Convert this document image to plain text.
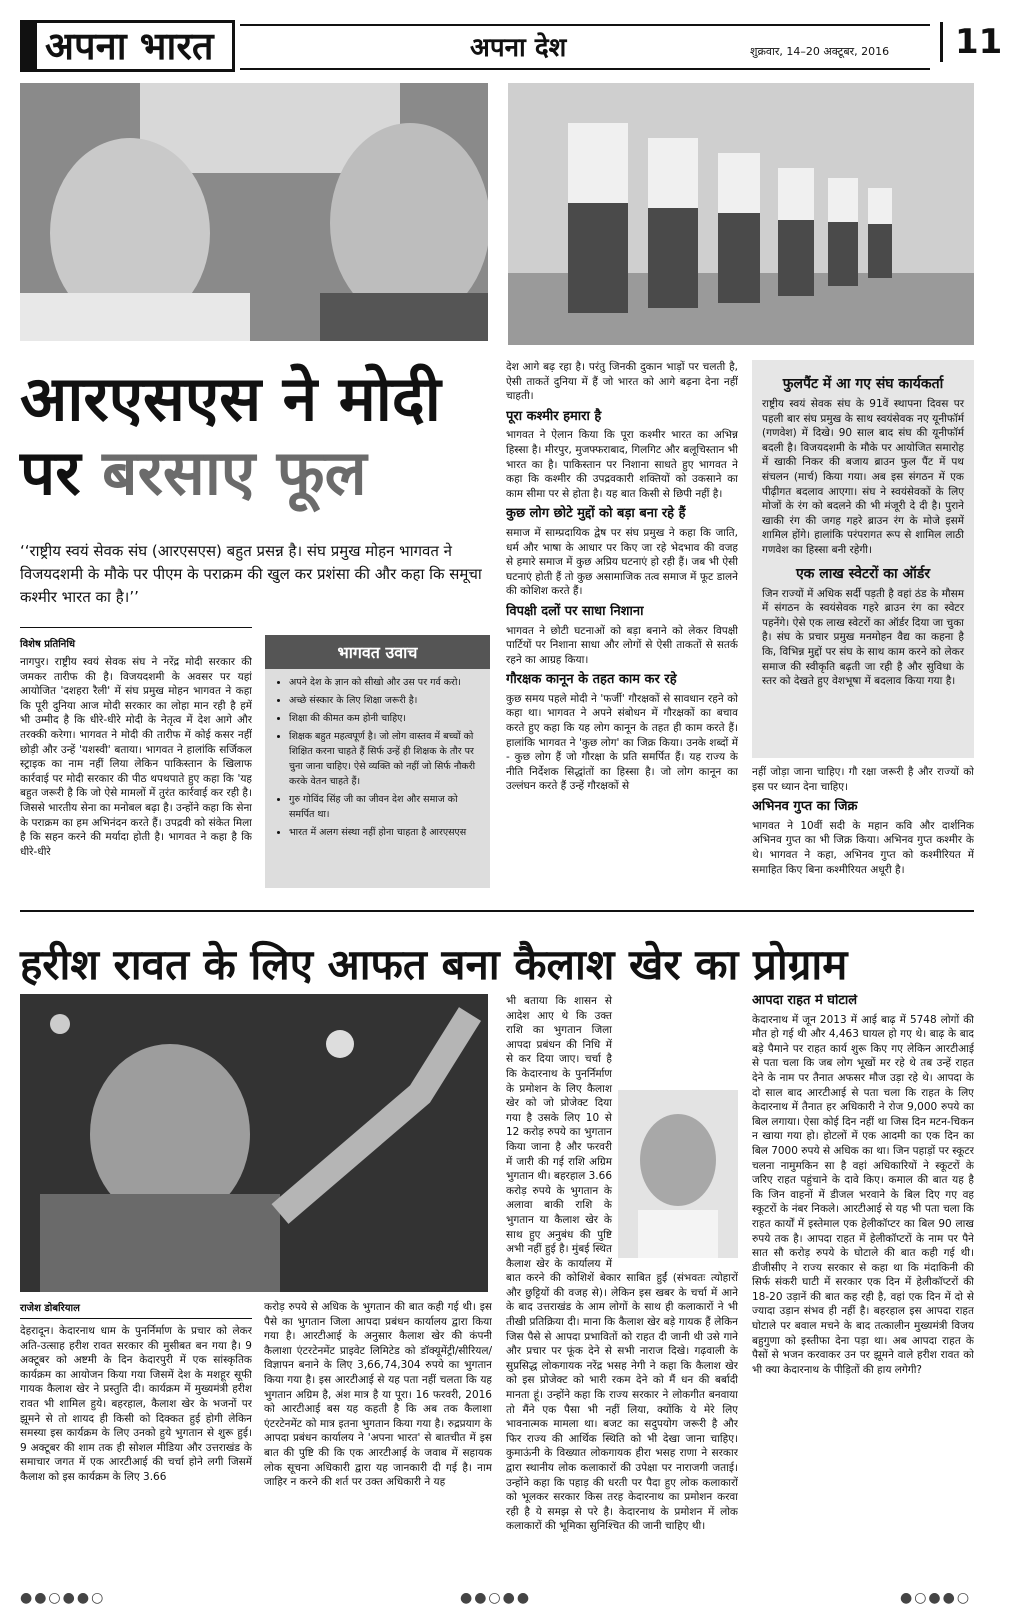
अपना भारत	अपना देश	शुक्रवार, 14–20 अक्टूबर, 2016	11
आरएसएस ने मोदी
पर बरसाए फूल
‘‘राष्ट्रीय स्वयं सेवक संघ (आरएसएस) बहुत प्रसन्न है। संघ प्रमुख मोहन भागवत ने विजयदशमी के मौके पर पीएम के पराक्रम की खुल कर प्रशंसा की और कहा कि समूचा कश्मीर भारत का है।’’
विशेष प्रतिनिधि
नागपुर। राष्ट्रीय स्वयं सेवक संघ ने नरेंद्र मोदी सरकार की जमकर तारीफ की है। विजयदशमी के अवसर पर यहां आयोजित 'दशहरा रैली' में संघ प्रमुख मोहन भागवत ने कहा कि पूरी दुनिया आज मोदी सरकार का लोहा मान रही है हमें भी उम्मीद है कि धीरे-धीरे मोदी के नेतृत्व में देश आगे और तरक्की करेगा। भागवत ने मोदी की तारीफ में कोई कसर नहीं छोड़ी और उन्हें 'यशस्वी' बताया। भागवत ने हालांकि सर्जिकल स्ट्राइक का नाम नहीं लिया लेकिन पाकिस्तान के खिलाफ कार्रवाई पर मोदी सरकार की पीठ थपथपाते हुए कहा कि 'यह बहुत जरूरी है कि जो ऐसे मामलों में तुरंत कार्रवाई कर रही है। जिससे भारतीय सेना का मनोबल बढ़ा है। उन्होंने कहा कि सेना के पराक्रम का हम अभिनंदन करते हैं। उपद्रवी को संकेत मिला है कि सहन करने की मर्यादा होती है। भागवत ने कहा है कि धीरे-धीरे
भागवत उवाच
• अपने देश के ज्ञान को सीखो और उस पर गर्व करो।
• अच्छे संस्कार के लिए शिक्षा जरूरी है।
• शिक्षा की कीमत कम होनी चाहिए।
• शिक्षक बहुत महत्वपूर्ण है। जो लोग वास्तव में बच्चों को शिक्षित करना चाहते हैं सिर्फ उन्हें ही शिक्षक के तौर पर चुना जाना चाहिए। ऐसे व्यक्ति को नहीं जो सिर्फ नौकरी करके वेतन चाहते हैं।
• गुरु गोविंद सिंह जी का जीवन देश और समाज को समर्पित था।
• भारत में अलग संस्था नहीं होना चाहता है आरएसएस
देश आगे बढ़ रहा है। परंतु जिनकी दुकान भाड़ों पर चलती है, ऐसी ताकतें दुनिया में हैं जो भारत को आगे बढ़ना देना नहीं चाहती।
पूरा कश्मीर हमारा है
भागवत ने ऐलान किया कि पूरा कश्मीर भारत का अभिन्न हिस्सा है। मीरपुर, मुजफ्फराबाद, गिलगिट और बलूचिस्तान भी भारत का है। पाकिस्तान पर निशाना साधते हुए भागवत ने कहा कि कश्मीर की उपद्रवकारी शक्तियों को उकसाने का काम सीमा पर से होता है। यह बात किसी से छिपी नहीं है।
कुछ लोग छोटे मुद्दों को बड़ा बना रहे हैं
समाज में साम्प्रदायिक द्वेष पर संघ प्रमुख ने कहा कि जाति, धर्म और भाषा के आधार पर किए जा रहे भेदभाव की वजह से हमारे समाज में कुछ अप्रिय घटनाएं हो रही हैं। जब भी ऐसी घटनाएं होती हैं तो कुछ असामाजिक तत्व समाज में फूट डालने की कोशिश करते हैं।
विपक्षी दलों पर साधा निशाना
भागवत ने छोटी घटनाओं को बड़ा बनाने को लेकर विपक्षी पार्टियों पर निशाना साधा और लोगों से ऐसी ताकतों से सतर्क रहने का आग्रह किया।
गौरक्षक कानून के तहत काम कर रहे
कुछ समय पहले मोदी ने 'फर्जी' गौरक्षकों से सावधान रहने को कहा था। भागवत ने अपने संबोधन में गौरक्षकों का बचाव करते हुए कहा कि यह लोग कानून के तहत ही काम करते हैं। हालांकि भागवत ने 'कुछ लोग' का जिक्र किया। उनके शब्दों में - कुछ लोग हैं जो गौरक्षा के प्रति समर्पित हैं। यह राज्य के नीति निर्देशक सिद्धांतों का हिस्सा है। जो लोग कानून का उल्लंघन करते हैं उन्हें गौरक्षकों से
फुलपैंट में आ गए संघ कार्यकर्ता
राष्ट्रीय स्वयं सेवक संघ के 91वें स्थापना दिवस पर पहली बार संघ प्रमुख के साथ स्वयंसेवक नए यूनीफॉर्म (गणवेश) में दिखे। 90 साल बाद संघ की यूनीफॉर्म बदली है। विजयदशमी के मौके पर आयोजित समारोह में खाकी निकर की बजाय ब्राउन फुल पैंट में पथ संचलन (मार्च) किया गया। अब इस संगठन में एक पीढ़ीगत बदलाव आएगा। संघ ने स्वयंसेवकों के लिए मोजों के रंग को बदलने की भी मंजूरी दे दी है। पुराने खाकी रंग की जगह गहरे ब्राउन रंग के मोजे इसमें शामिल होंगे। हालांकि परंपरागत रूप से शामिल लाठी गणवेश का हिस्सा बनी रहेगी।
एक लाख स्वेटरों का ऑर्डर
जिन राज्यों में अधिक सर्दी पड़ती है वहां ठंड के मौसम में संगठन के स्वयंसेवक गहरे ब्राउन रंग का स्वेटर पहनेंगे। ऐसे एक लाख स्वेटरों का ऑर्डर दिया जा चुका है। संघ के प्रचार प्रमुख मनमोहन वैद्य का कहना है कि, विभिन्न मुद्दों पर संघ के साथ काम करने को लेकर समाज की स्वीकृति बढ़ती जा रही है और सुविधा के स्तर को देखते हुए वेशभूषा में बदलाव किया गया है।
नहीं जोड़ा जाना चाहिए। गौ रक्षा जरूरी है और राज्यों को इस पर ध्यान देना चाहिए।
अभिनव गुप्त का जिक्र
भागवत ने 10वीं सदी के महान कवि और दार्शनिक अभिनव गुप्त का भी जिक्र किया। अभिनव गुप्त कश्मीर के थे। भागवत ने कहा, अभिनव गुप्त को कश्मीरियत में समाहित किए बिना कश्मीरियत अधूरी है।
हरीश रावत के लिए आफत बना कैलाश खेर का प्रोग्राम
राजेश डोबरियाल
देहरादून। केदारनाथ धाम के पुनर्निर्माण के प्रचार को लेकर अति-उत्साह हरीश रावत सरकार की मुसीबत बन गया है। 9 अक्टूबर को अष्टमी के दिन केदारपुरी में एक सांस्कृतिक कार्यक्रम का आयोजन किया गया जिसमें देश के मशहूर सूफी गायक कैलाश खेर ने प्रस्तुति दी। कार्यक्रम में मुख्यमंत्री हरीश रावत भी शामिल हुये। बहरहाल, कैलाश खेर के भजनों पर झूमने से तो शायद ही किसी को दिक्कत हुई होगी लेकिन समस्या इस कार्यक्रम के लिए उनको हुये भुगतान से शुरू हुई। 9 अक्टूबर की शाम तक ही सोशल मीडिया और उत्तराखंड के समाचार जगत में एक आरटीआई की चर्चा होने लगी जिसमें कैलाश को इस कार्यक्रम के लिए 3.66
करोड़ रुपये से अधिक के भुगतान की बात कही गई थी। इस पैसे का भुगतान जिला आपदा प्रबंधन कार्यालय द्वारा किया गया है। आरटीआई के अनुसार कैलाश खेर की कंपनी कैलाशा एंटरटेनमेंट प्राइवेट लिमिटेड को डॉक्यूमेंट्री/सीरियल/विज्ञापन बनाने के लिए 3,66,74,304 रुपये का भुगतान किया गया है। इस आरटीआई से यह पता नहीं चलता कि यह भुगतान अग्रिम है, अंश मात्र है या पूरा। 16 फरवरी, 2016 को आरटीआई बस यह कहती है कि अब तक कैलाशा एंटरटेनमेंट को मात्र इतना भुगतान किया गया है। रुद्रप्रयाग के आपदा प्रबंधन कार्यालय ने 'अपना भारत' से बातचीत में इस बात की पुष्टि की कि एक आरटीआई के जवाब में सहायक लोक सूचना अधिकारी द्वारा यह जानकारी दी गई है। नाम जाहिर न करने की शर्त पर उक्त अधिकारी ने यह
भी बताया कि शासन से आदेश आए थे कि उक्त राशि का भुगतान जिला आपदा प्रबंधन की निधि में से कर दिया जाए। चर्चा है कि केदारनाथ के पुनर्निर्माण के प्रमोशन के लिए कैलाश खेर को जो प्रोजेक्ट दिया गया है उसके लिए 10 से 12 करोड़ रुपये का भुगतान किया जाना है और फरवरी में जारी की गई राशि अग्रिम भुगतान थी। बहरहाल 3.66 करोड़ रुपये के भुगतान के अलावा बाकी राशि के भुगतान या कैलाश खेर के साथ हुए अनुबंध की पुष्टि अभी नहीं हुई है। मुंबई स्थित कैलाश खेर के कार्यालय में बात करने की कोशिशें बेकार साबित हुईं (संभवतः त्योहारों और छुट्टियों की वजह से)। लेकिन इस खबर के चर्चा में आने के बाद उत्तराखंड के आम लोगों के साथ ही कलाकारों ने भी तीखी प्रतिक्रिया दी। माना कि कैलाश खेर बड़े गायक हैं लेकिन जिस पैसे से आपदा प्रभावितों को राहत दी जानी थी उसे गाने और प्रचार पर फूंक देने से सभी नाराज दिखे। गढ़वाली के सुप्रसिद्ध लोकगायक नरेंद्र भसह नेगी ने कहा कि कैलाश खेर को इस प्रोजेक्ट को भारी रकम देने को मैं धन की बर्बादी मानता हूं। उन्होंने कहा कि राज्य सरकार ने लोकगीत बनवाया तो मैंने एक पैसा भी नहीं लिया, क्योंकि ये मेरे लिए भावनात्मक मामला था। बजट का सदुपयोग जरूरी है और फिर राज्य की आर्थिक स्थिति को भी देखा जाना चाहिए। कुमाऊंनी के विख्यात लोकगायक हीरा भसह राणा ने सरकार द्वारा स्थानीय लोक कलाकारों की उपेक्षा पर नाराजगी जताई। उन्होंने कहा कि पहाड़ की धरती पर पैदा हुए लोक कलाकारों को भूलकर सरकार किस तरह केदारनाथ का प्रमोशन करवा रही है ये समझ से परे है। केदारनाथ के प्रमोशन में लोक कलाकारों की भूमिका सुनिश्चित की जानी चाहिए थी।
आपदा राहत में घोटाले
केदारनाथ में जून 2013 में आई बाढ़ में 5748 लोगों की मौत हो गई थी और 4,463 घायल हो गए थे। बाढ़ के बाद बड़े पैमाने पर राहत कार्य शुरू किए गए लेकिन आरटीआई से पता चला कि जब लोग भूखों मर रहे थे तब उन्हें राहत देने के नाम पर तैनात अफसर मौज उड़ा रहे थे। आपदा के दो साल बाद आरटीआई से पता चला कि राहत के लिए केदारनाथ में तैनात हर अधिकारी ने रोज 9,000 रुपये का बिल लगाया। ऐसा कोई दिन नहीं था जिस दिन मटन-चिकन न खाया गया हो। होटलों में एक आदमी का एक दिन का बिल 7000 रुपये से अधिक का था। जिन पहाड़ों पर स्कूटर चलना नामुमकिन सा है वहां अधिकारियों ने स्कूटरों के जरिए राहत पहुंचाने के दावे किए। कमाल की बात यह है कि जिन वाहनों में डीजल भरवाने के बिल दिए गए वह स्कूटरों के नंबर निकले। आरटीआई से यह भी पता चला कि राहत कार्यों में इस्तेमाल एक हेलीकॉप्टर का बिल 90 लाख रुपये तक है। आपदा राहत में हेलीकॉप्टरों के नाम पर पैने सात सौ करोड़ रुपये के घोटाले की बात कही गई थी। डीजीसीए ने राज्य सरकार से कहा था कि मंदाकिनी की सिर्फ संकरी घाटी में सरकार एक दिन में हेलीकॉप्टरों की 18-20 उड़ानें की बात कह रही है, वहां एक दिन में दो से ज्यादा उड़ान संभव ही नहीं है। बहरहाल इस आपदा राहत घोटाले पर बवाल मचने के बाद तत्कालीन मुख्यमंत्री विजय बहुगुणा को इस्तीफा देना पड़ा था। अब आपदा राहत के पैसों से भजन करवाकर उन पर झूमने वाले हरीश रावत को भी क्या केदारनाथ के पीड़ितों की हाय लगेगी?
●●○●●○	●●○●●	●○●●○
